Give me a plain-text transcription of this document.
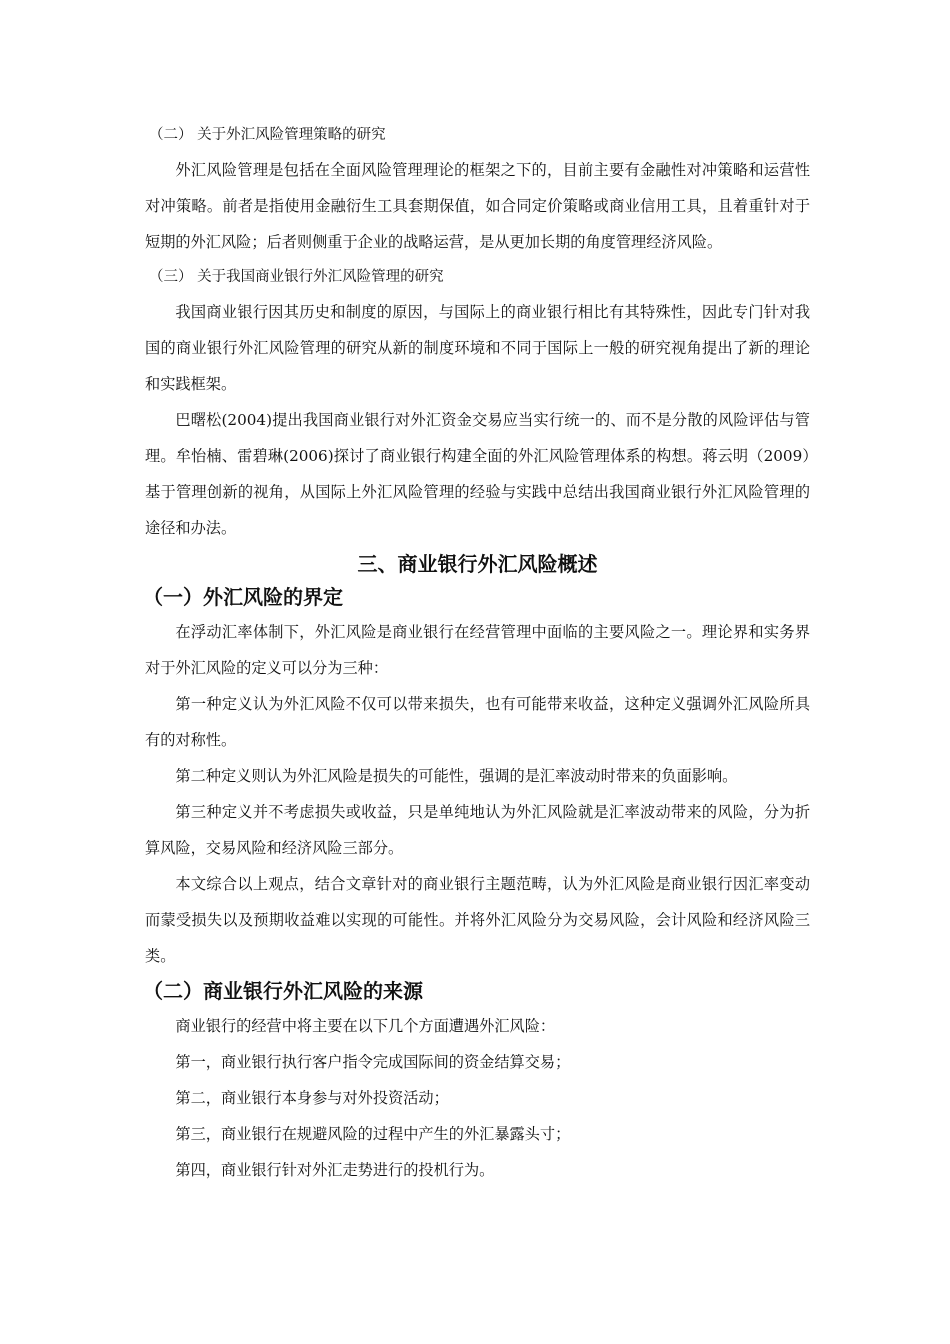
（二） 关于外汇风险管理策略的研究

外汇风险管理是包括在全面风险管理理论的框架之下的，目前主要有金融性对冲策略和运营性对冲策略。前者是指使用金融衍生工具套期保值，如合同定价策略或商业信用工具，且着重针对于短期的外汇风险；后者则侧重于企业的战略运营，是从更加长期的角度管理经济风险。

（三） 关于我国商业银行外汇风险管理的研究

我国商业银行因其历史和制度的原因，与国际上的商业银行相比有其特殊性，因此专门针对我国的商业银行外汇风险管理的研究从新的制度环境和不同于国际上一般的研究视角提出了新的理论和实践框架。

巴曙松(2004)提出我国商业银行对外汇资金交易应当实行统一的、而不是分散的风险评估与管理。牟怡楠、雷碧琳(2006)探讨了商业银行构建全面的外汇风险管理体系的构想。蒋云明（2009）基于管理创新的视角，从国际上外汇风险管理的经验与实践中总结出我国商业银行外汇风险管理的途径和办法。

三、商业银行外汇风险概述
（一）外汇风险的界定

在浮动汇率体制下，外汇风险是商业银行在经营管理中面临的主要风险之一。理论界和实务界对于外汇风险的定义可以分为三种：

第一种定义认为外汇风险不仅可以带来损失，也有可能带来收益，这种定义强调外汇风险所具有的对称性。

第二种定义则认为外汇风险是损失的可能性，强调的是汇率波动时带来的负面影响。

第三种定义并不考虑损失或收益，只是单纯地认为外汇风险就是汇率波动带来的风险，分为折算风险，交易风险和经济风险三部分。

本文综合以上观点，结合文章针对的商业银行主题范畴，认为外汇风险是商业银行因汇率变动而蒙受损失以及预期收益难以实现的可能性。并将外汇风险分为交易风险，会计风险和经济风险三类。

（二）商业银行外汇风险的来源

商业银行的经营中将主要在以下几个方面遭遇外汇风险：

第一，商业银行执行客户指令完成国际间的资金结算交易；

第二，商业银行本身参与对外投资活动；

第三，商业银行在规避风险的过程中产生的外汇暴露头寸；

第四，商业银行针对外汇走势进行的投机行为。
